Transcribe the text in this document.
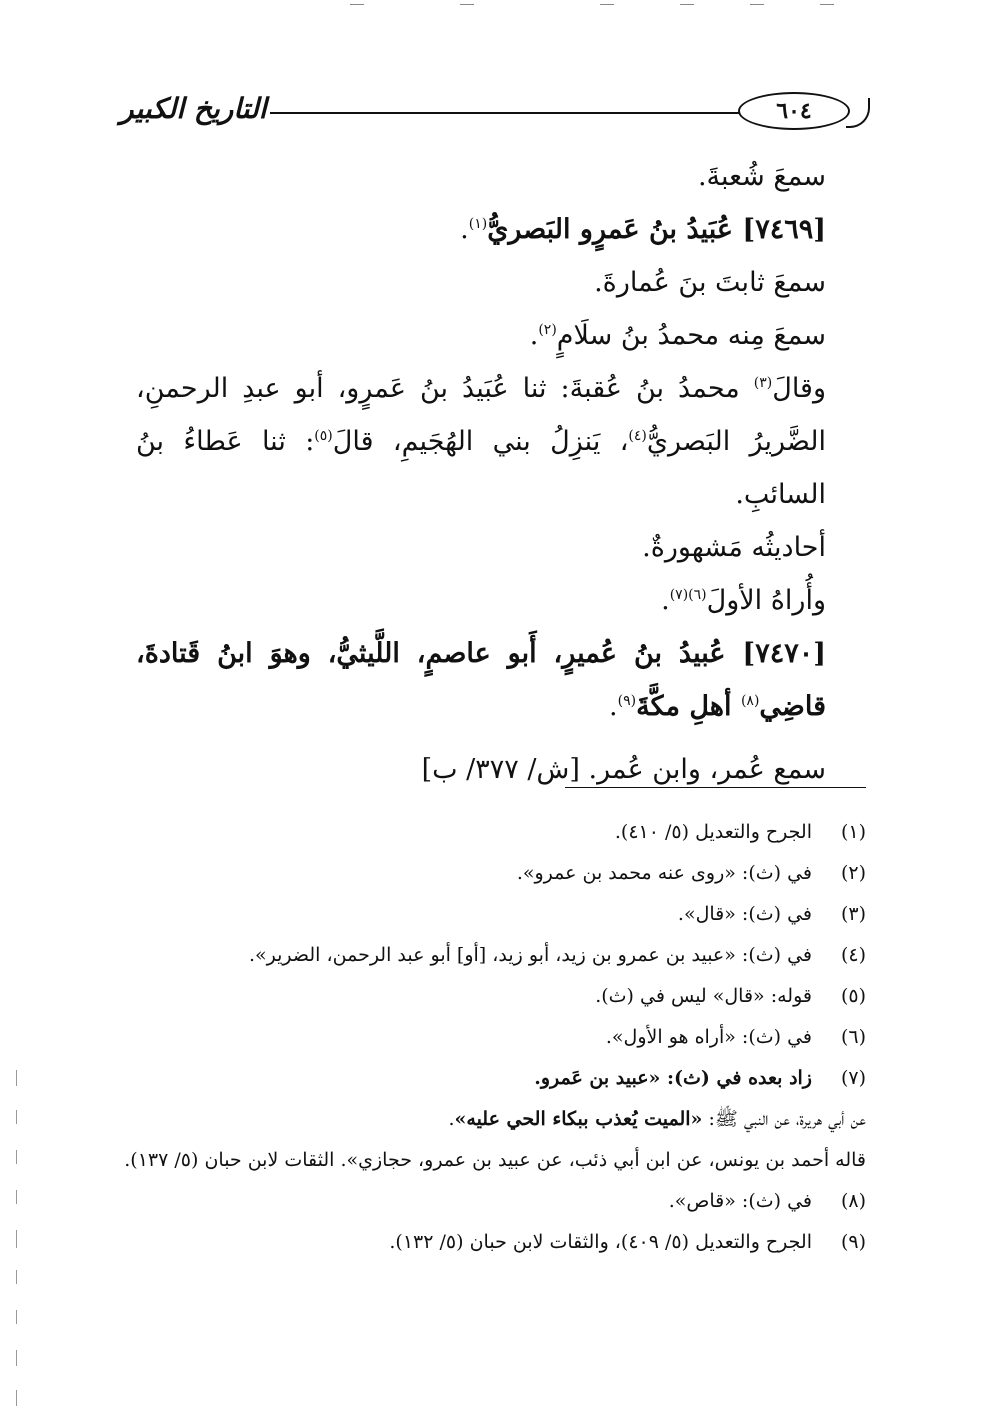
التاريخ الكبير	٦٠٤

سمعَ شُعبةَ.

[٧٤٦٩] عُبَيدُ بنُ عَمرٍو البَصريُّ$^{(١)}$.

سمعَ ثابتَ بنَ عُمارةَ.

سمعَ مِنه محمدُ بنُ سلَامٍ$^{(٢)}$.

وقالَ$^{(٣)}$ محمدُ بنُ عُقبةَ: ثنا عُبَيدُ بنُ عَمرٍو، أبو عبدِ الرحمنِ، الضَّريرُ البَصريُّ$^{(٤)}$، يَنزِلُ بني الهُجَيمِ، قالَ$^{(٥)}$: ثنا عَطاءُ بنُ السائبِ.

أحاديثُه مَشهورةٌ.

وأُراهُ الأولَ$^{(٦)(٧)}$.

[٧٤٧٠] عُبيدُ بنُ عُميرٍ، أَبو عاصمٍ، اللَّيثيُّ، وهوَ ابنُ قَتادةَ، قاضِي$^{(٨)}$ أهلِ مكَّةَ$^{(٩)}$.

سمع عُمر، وابن عُمر. [ش/ ٣٧٧/ ب]

(١)
الجرح والتعديل (٥/ ٤١٠).
(٢)
في (ث): «روى عنه محمد بن عمرو».
(٣)
في (ث): «قال».
(٤)
في (ث): «عبيد بن عمرو بن زيد، أبو زيد، [أو] أبو عبد الرحمن، الضرير».
(٥)
قوله: «قال» ليس في (ث).
(٦)
في (ث): «أراه هو الأول».
(٧)
زاد بعده في (ث): «عبيد بن عَمرو.
عن أبي هريرة، عن النبي ﷺ: «الميت يُعذب ببكاء الحي عليه».
قاله أحمد بن يونس، عن ابن أبي ذئب، عن عبيد بن عمرو، حجازي». الثقات لابن حبان (٥/ ١٣٧).
(٨)
في (ث): «قاص».
(٩)
الجرح والتعديل (٥/ ٤٠٩)، والثقات لابن حبان (٥/ ١٣٢).
